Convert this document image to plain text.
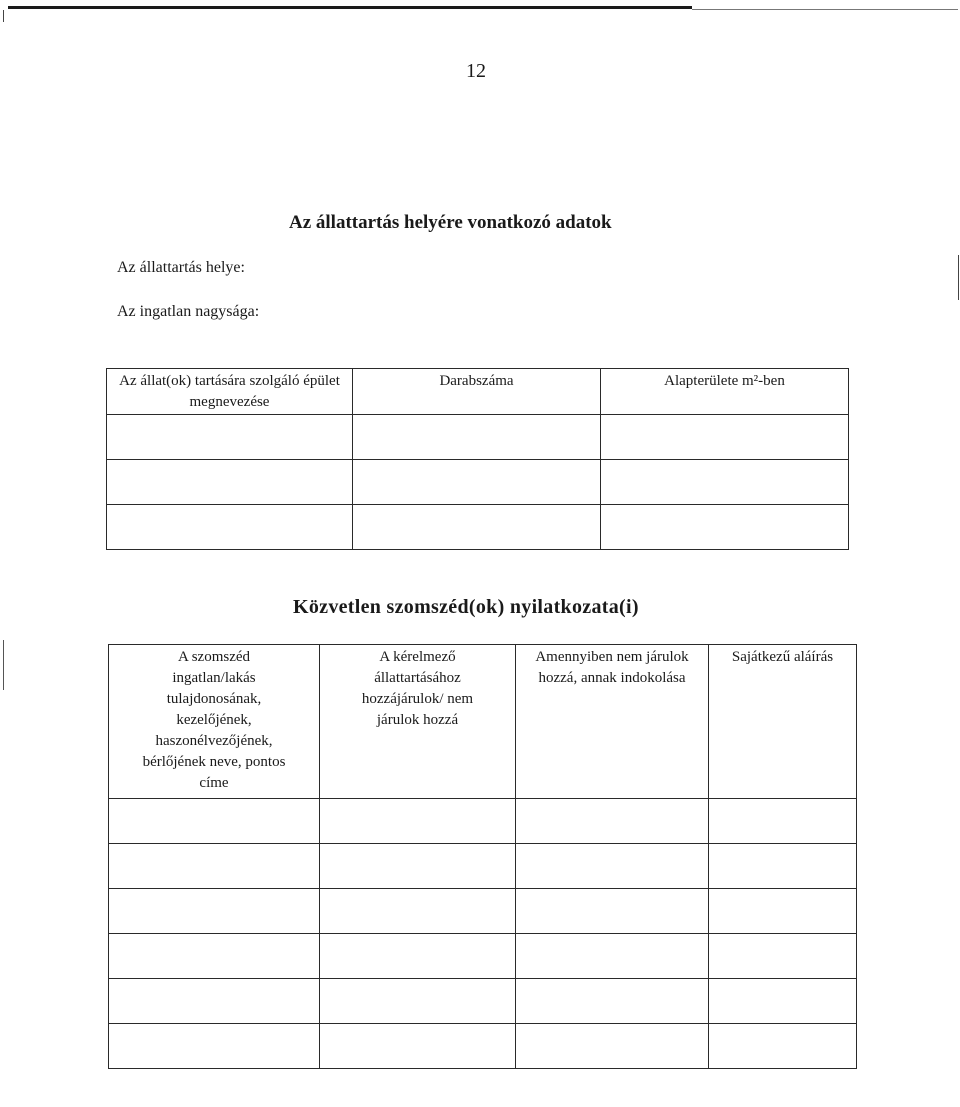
12
Az állattartás helyére vonatkozó adatok
Az állattartás helye:
Az ingatlan nagysága:
Az állat(ok) tartására szolgáló épület megnevezése	Darabszáma	Alapterülete m²-ben

Közvetlen szomszéd(ok) nyilatkozata(i)
A szomszéd ingatlan/lakás tulajdonosának, kezelőjének, haszonélvezőjének, bérlőjének neve, pontos címe	A kérelmező állattartásához hozzájárulok/ nem járulok hozzá	Amennyiben nem járulok hozzá, annak indokolása	Sajátkezű aláírás
